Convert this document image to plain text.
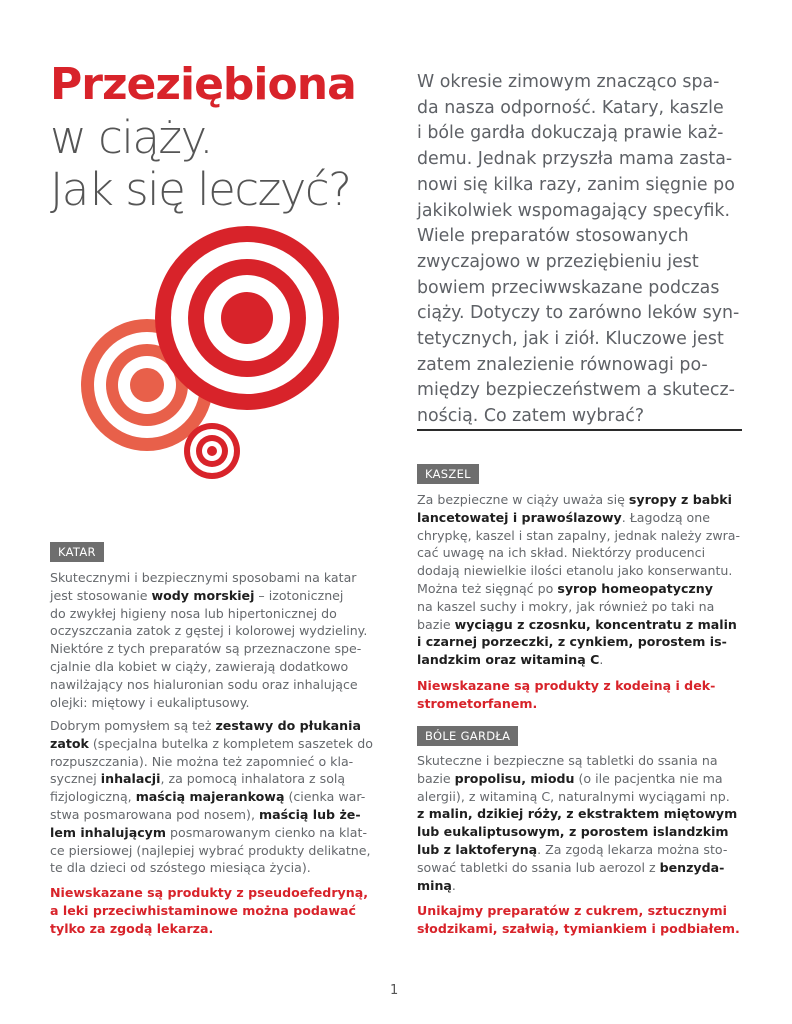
Przeziębiona
w ciąży.
Jak się leczyć?
W okresie zimowym znacząco spa-
da nasza odporność. Katary, kaszle
i bóle gardła dokuczają prawie każ-
demu. Jednak przyszła mama zasta-
nowi się kilka razy, zanim sięgnie po
jakikolwiek wspomagający specyfik.
Wiele preparatów stosowanych
zwyczajowo w przeziębieniu jest
bowiem przeciwwskazane podczas
ciąży. Dotyczy to zarówno leków syn-
tetycznych, jak i ziół. Kluczowe jest
zatem znalezienie równowagi po-
między bezpieczeństwem a skutecz-
nością. Co zatem wybrać?
KATAR
Skutecznymi i bezpiecznymi sposobami na katar
jest stosowanie wody morskiej – izotonicznej
do zwykłej higieny nosa lub hipertonicznej do
oczyszczania zatok z gęstej i kolorowej wydzieliny.
Niektóre z tych preparatów są przeznaczone spe-
cjalnie dla kobiet w ciąży, zawierają dodatkowo
nawilżający nos hialuronian sodu oraz inhalujące
olejki: miętowy i eukaliptusowy.
Dobrym pomysłem są też zestawy do płukania
zatok (specjalna butelka z kompletem saszetek do
rozpuszczania). Nie można też zapomnieć o kla-
sycznej inhalacji, za pomocą inhalatora z solą
fizjologiczną, maścią majerankową (cienka war-
stwa posmarowana pod nosem), maścią lub że-
lem inhalującym posmarowanym cienko na klat-
ce piersiowej (najlepiej wybrać produkty delikatne,
te dla dzieci od szóstego miesiąca życia).
Niewskazane są produkty z pseudoefedryną,
a leki przeciwhistaminowe można podawać
tylko za zgodą lekarza.
KASZEL
Za bezpieczne w ciąży uważa się syropy z babki
lancetowatej i prawoślazowy. Łagodzą one
chrypkę, kaszel i stan zapalny, jednak należy zwra-
cać uwagę na ich skład. Niektórzy producenci
dodają niewielkie ilości etanolu jako konserwantu.
Można też sięgnąć po syrop homeopatyczny
na kaszel suchy i mokry, jak również po taki na
bazie wyciągu z czosnku, koncentratu z malin
i czarnej porzeczki, z cynkiem, porostem is-
landzkim oraz witaminą C.
Niewskazane są produkty z kodeiną i dek-
strometorfanem.
BÓLE GARDŁA
Skuteczne i bezpieczne są tabletki do ssania na
bazie propolisu, miodu (o ile pacjentka nie ma
alergii), z witaminą C, naturalnymi wyciągami np.
z malin, dzikiej róży, z ekstraktem miętowym
lub eukaliptusowym, z porostem islandzkim
lub z laktoferyną. Za zgodą lekarza można sto-
sować tabletki do ssania lub aerozol z benzyda-
miną.
Unikajmy preparatów z cukrem, sztucznymi
słodzikami, szałwią, tymiankiem i podbiałem.
1
